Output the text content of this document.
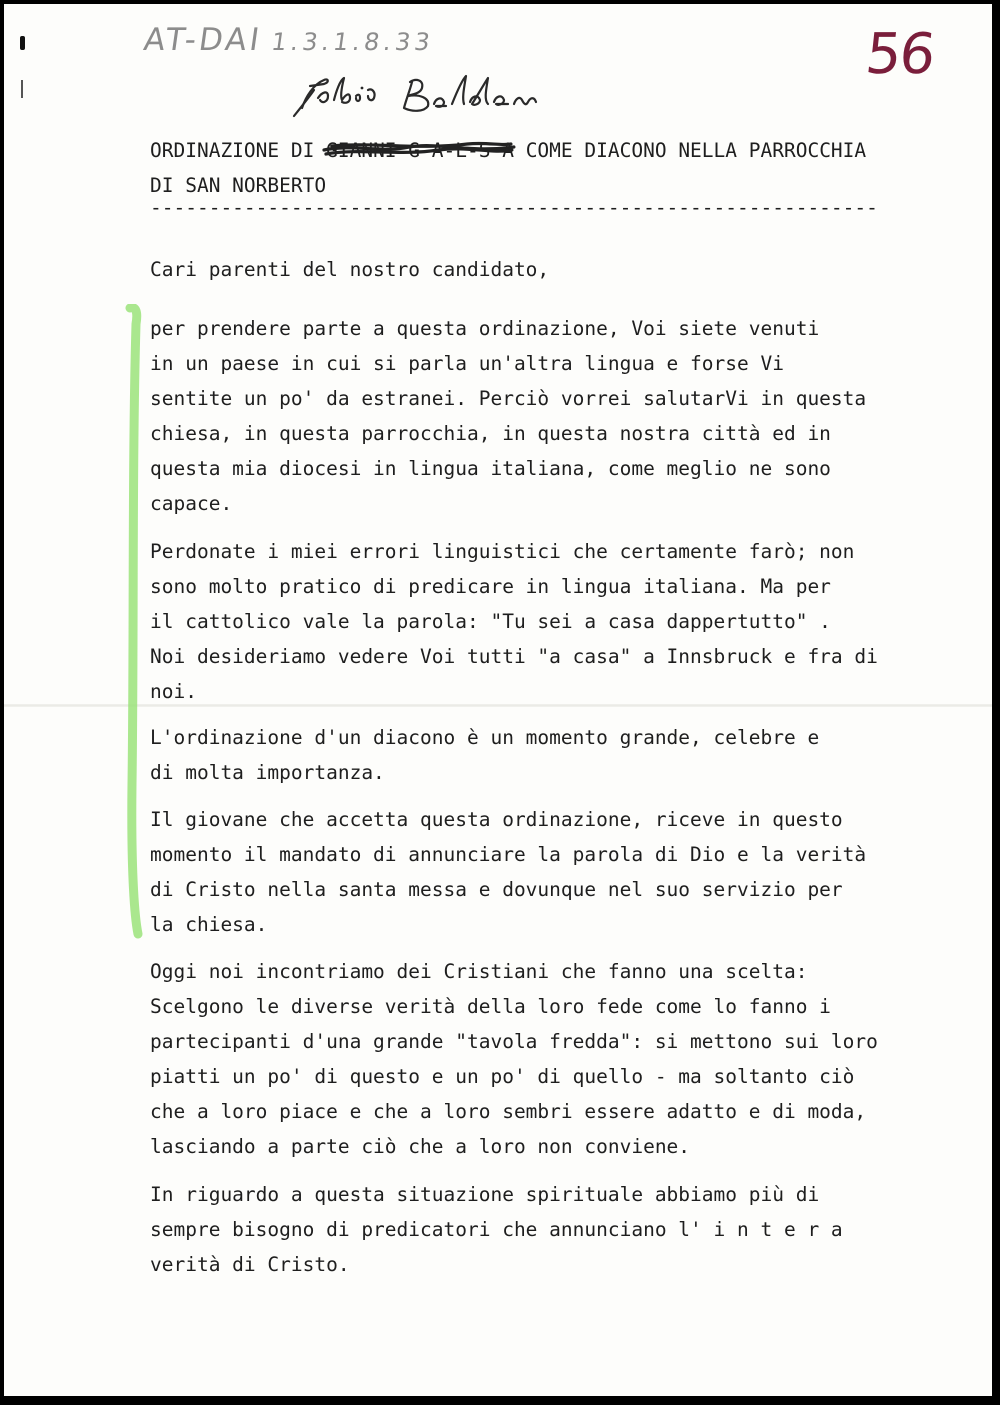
AT-DAI 1.3.1.8.33	56
ORDINAZIONE DI GIANNI G-A-L-S-A
COME DIACONO NELLA PARROCCHIA
DI SAN NORBERTO
--------------------------------------------------------------
Cari parenti del nostro candidato,
per prendere parte a questa ordinazione, Voi siete venuti
in un paese in cui si parla un'altra lingua e forse Vi
sentite un po' da estranei. Perciò vorrei salutarVi in questa
chiesa, in questa parrocchia, in questa nostra città ed in
questa mia diocesi in lingua italiana, come meglio ne sono
capace.
Perdonate i miei errori linguistici che certamente farò; non
sono molto pratico di predicare in lingua italiana. Ma per
il cattolico vale la parola: "Tu sei a casa dappertutto" .
Noi desideriamo vedere Voi tutti "a casa" a Innsbruck e fra di
noi.
L'ordinazione d'un diacono è un momento grande, celebre e
di molta importanza.
Il giovane che accetta questa ordinazione, riceve in questo
momento il mandato di annunciare la parola di Dio e la verità
di Cristo nella santa messa e dovunque nel suo servizio per
la chiesa.
Oggi noi incontriamo dei Cristiani che fanno una scelta:
Scelgono le diverse verità della loro fede come lo fanno i
partecipanti d'una grande "tavola fredda": si mettono sui loro
piatti un po' di questo e un po' di quello - ma soltanto ciò
che a loro piace e che a loro sembri essere adatto e di moda,
lasciando a parte ciò che a loro non conviene.
In riguardo a questa situazione spirituale abbiamo più di
sempre bisogno di predicatori che annunciano l' i n t e r a
verità di Cristo.
